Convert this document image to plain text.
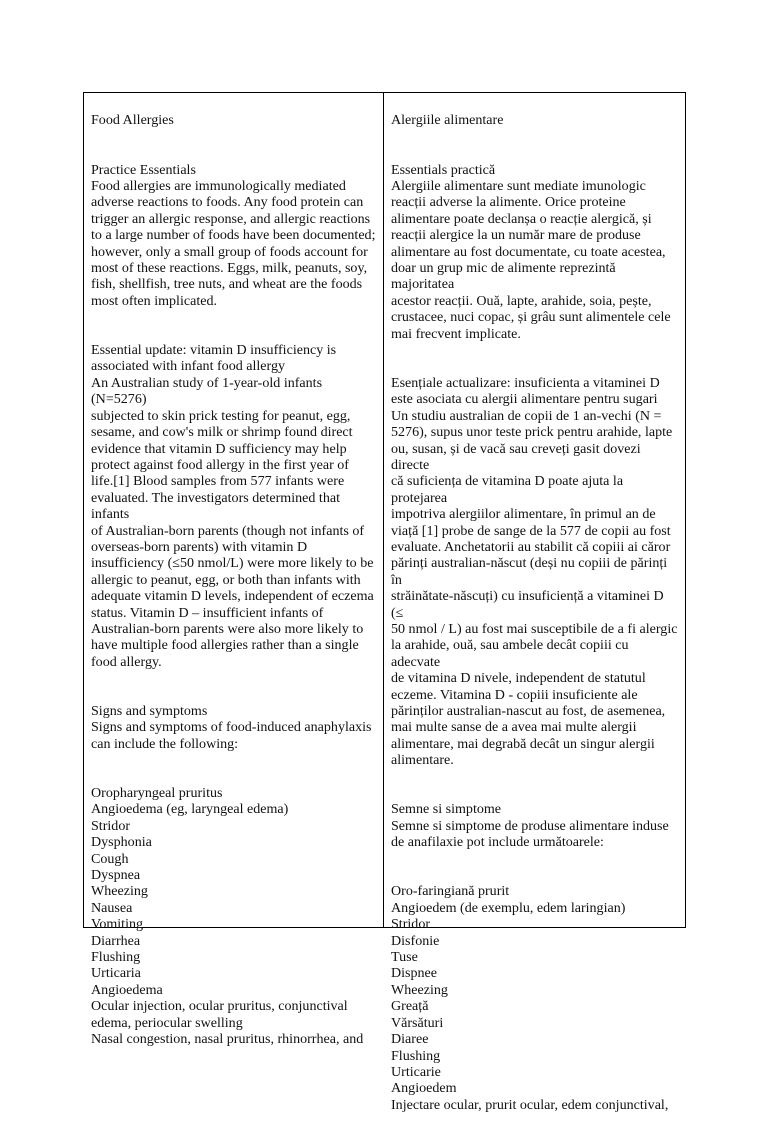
Food Allergies

Practice Essentials
Food allergies are immunologically mediated
adverse reactions to foods. Any food protein can
trigger an allergic response, and allergic reactions
to a large number of foods have been documented;
however, only a small group of foods account for
most of these reactions. Eggs, milk, peanuts, soy,
fish, shellfish, tree nuts, and wheat are the foods
most often implicated.

Essential update: vitamin D insufficiency is
associated with infant food allergy
An Australian study of 1-year-old infants (N=5276)
subjected to skin prick testing for peanut, egg,
sesame, and cow's milk or shrimp found direct
evidence that vitamin D sufficiency may help
protect against food allergy in the first year of
life.[1] Blood samples from 577 infants were
evaluated. The investigators determined that infants
of Australian-born parents (though not infants of
overseas-born parents) with vitamin D
insufficiency (≤50 nmol/L) were more likely to be
allergic to peanut, egg, or both than infants with
adequate vitamin D levels, independent of eczema
status. Vitamin D – insufficient infants of
Australian-born parents were also more likely to
have multiple food allergies rather than a single
food allergy.

Signs and symptoms
Signs and symptoms of food-induced anaphylaxis
can include the following:

Oropharyngeal pruritus
Angioedema (eg, laryngeal edema)
Stridor
Dysphonia
Cough
Dyspnea
Wheezing
Nausea
Vomiting
Diarrhea
Flushing
Urticaria
Angioedema
Ocular injection, ocular pruritus, conjunctival
edema, periocular swelling
Nasal congestion, nasal pruritus, rhinorrhea, and

Alergiile alimentare

Essentials practică
Alergiile alimentare sunt mediate imunologic
reacții adverse la alimente. Orice proteine
alimentare poate declanșa o reacție alergică, și
reacții alergice la un număr mare de produse
alimentare au fost documentate, cu toate acestea,
doar un grup mic de alimente reprezintă majoritatea
acestor reacții. Ouă, lapte, arahide, soia, pește,
crustacee, nuci copac, și grâu sunt alimentele cele
mai frecvent implicate.

Esențiale actualizare: insuficienta a vitaminei D
este asociata cu alergii alimentare pentru sugari
Un studiu australian de copii de 1 an-vechi (N =
5276), supus unor teste prick pentru arahide, lapte
ou, susan, și de vacă sau creveți gasit dovezi directe
că suficiența de vitamina D poate ajuta la protejarea
impotriva alergiilor alimentare, în primul an de
viață [1] probe de sange de la 577 de copii au fost
evaluate. Anchetatorii au stabilit că copiii ai căror
părinți australian-născut (deși nu copiii de părinți în
străinătate-născuți) cu insuficiență a vitaminei D (≤
50 nmol / L) au fost mai susceptibile de a fi alergic
la arahide, ouă, sau ambele decât copiii cu adecvate
de vitamina D nivele, independent de statutul
eczeme. Vitamina D - copiii insuficiente ale
părinților australian-nascut au fost, de asemenea,
mai multe sanse de a avea mai multe alergii
alimentare, mai degrabă decât un singur alergii
alimentare.

Semne si simptome
Semne si simptome de produse alimentare induse
de anafilaxie pot include următoarele:

Oro-faringiană prurit
Angioedem (de exemplu, edem laringian)
Stridor
Disfonie
Tuse
Dispnee
Wheezing
Greață
Vărsături
Diaree
Flushing
Urticarie
Angioedem
Injectare ocular, prurit ocular, edem conjunctival,
